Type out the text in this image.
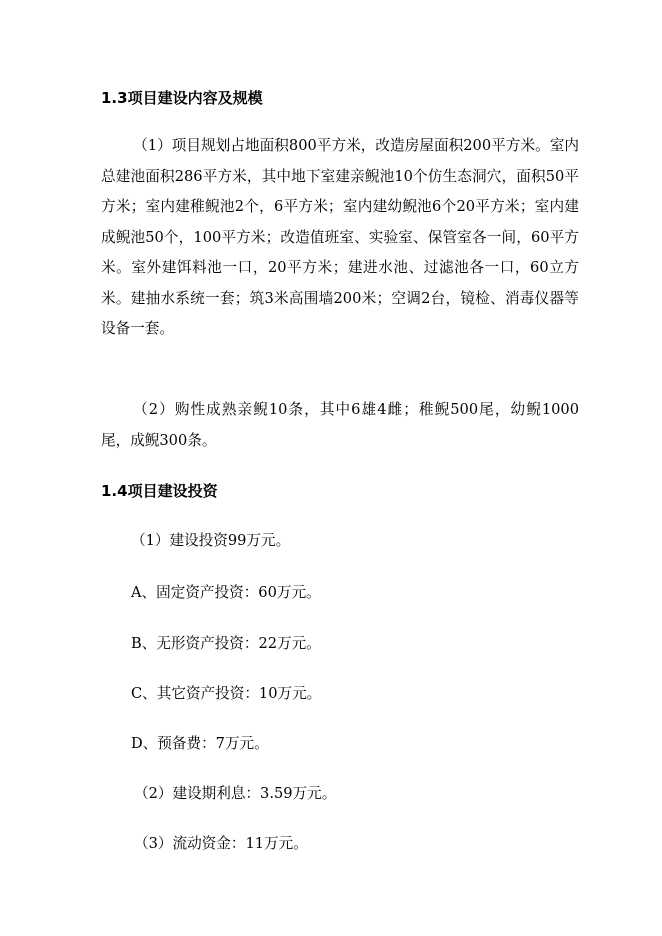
1.3项目建设内容及规模
（1）项目规划占地面积800平方米，改造房屋面积200平方米。室内总建池面积286平方米，其中地下室建亲鲵池10个仿生态洞穴，面积50平方米；室内建稚鲵池2个，6平方米；室内建幼鲵池6个20平方米；室内建成鲵池50个，100平方米；改造值班室、实验室、保管室各一间，60平方米。室外建饵料池一口，20平方米；建进水池、过滤池各一口，60立方米。建抽水系统一套；筑3米高围墙200米；空调2台，镜检、消毒仪器等设备一套。
（2）购性成熟亲鲵10条，其中6雄4雌；稚鲵500尾，幼鲵1000尾，成鲵300条。
1.4项目建设投资
（1）建设投资99万元。
A、固定资产投资：60万元。
B、无形资产投资：22万元。
C、其它资产投资：10万元。
D、预备费：7万元。
（2）建设期利息：3.59万元。
（3）流动资金：11万元。
